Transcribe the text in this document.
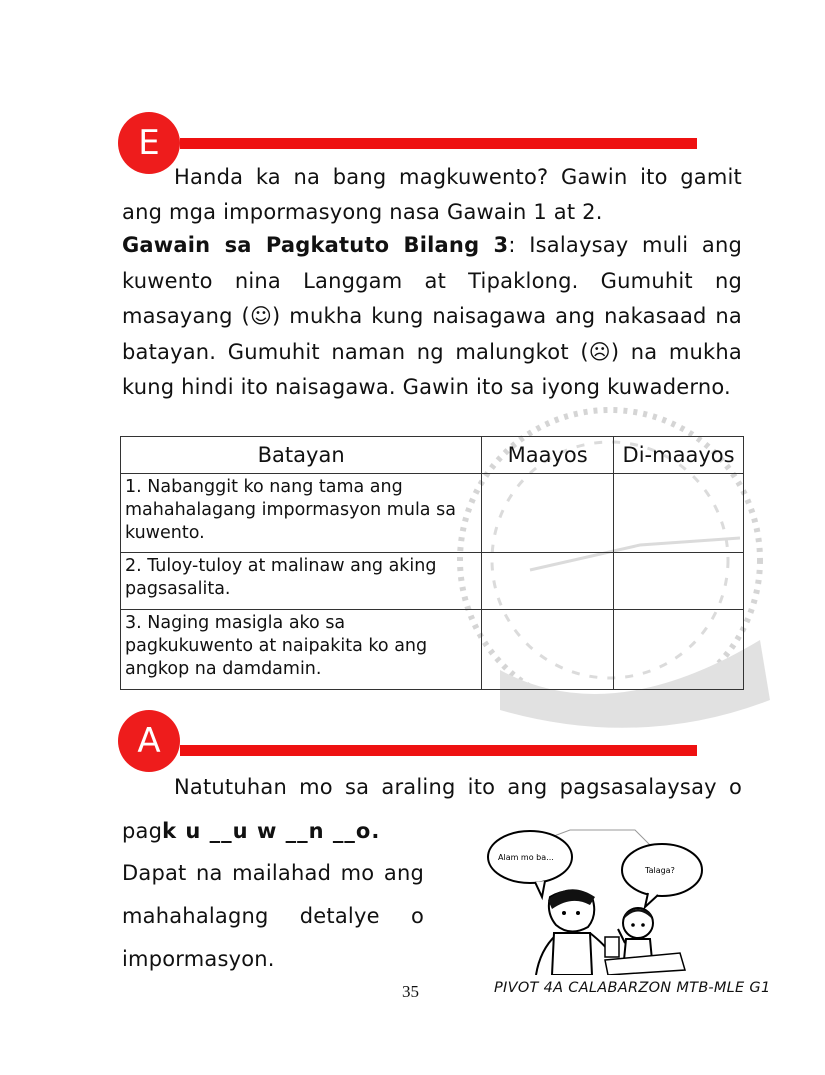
E
Handa ka na bang magkuwento? Gawin ito gamit ang mga impormasyong nasa Gawain 1 at 2.
Gawain sa Pagkatuto Bilang 3: Isalaysay muli ang kuwento nina Langgam at Tipaklong. Gumuhit ng masayang (☺) mukha kung naisagawa ang nakasaad na batayan. Gumuhit naman ng malungkot (☹) na mukha kung hindi ito naisagawa. Gawin ito sa iyong kuwaderno.
Batayan	Maayos	Di-maayos
1. Nabanggit ko nang tama ang mahahalagang impormasyon mula sa kuwento.		
2. Tuloy-tuloy at malinaw ang aking pagsasalita.		
3. Naging masigla ako sa pagkukuwento at naipakita ko ang angkop na damdamin.		
A
Natutuhan mo sa araling ito ang pagsasalaysay o
pagk u __u w __n __o.
Dapat na mailahad mo ang mahahalagng detalye o impormasyon.
Alam mo ba...
Talaga?
35	PIVOT 4A CALABARZON MTB-MLE G1
